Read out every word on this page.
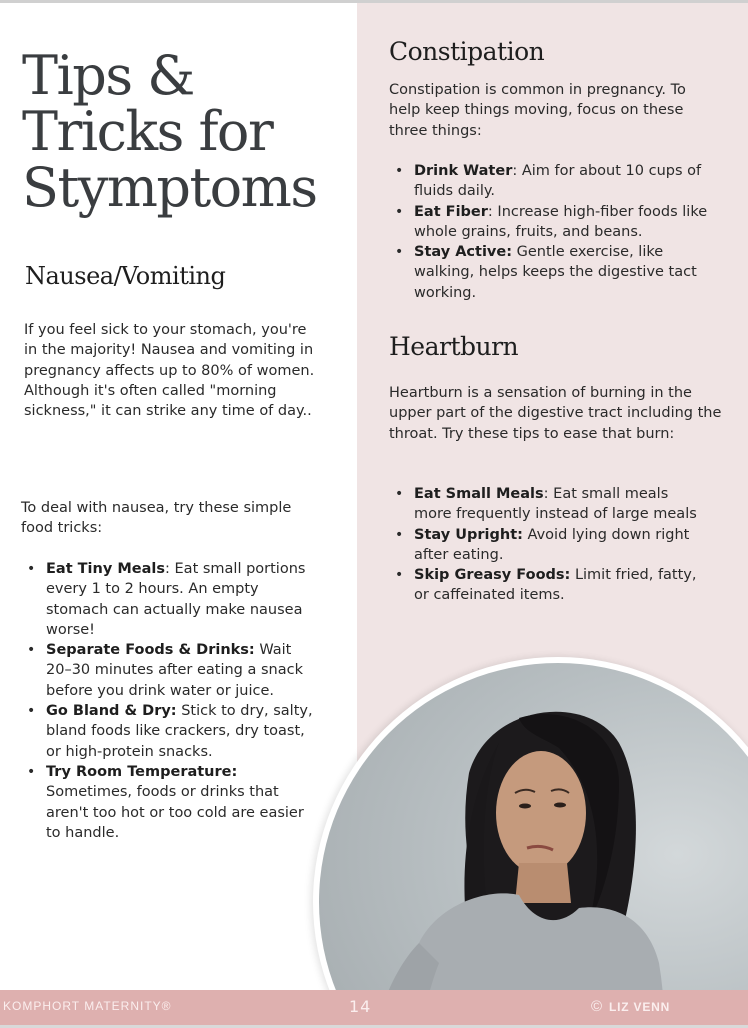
Tips &
Tricks for
Stymptoms
Nausea/Vomiting

If you feel sick to your stomach, you're in the majority! Nausea and vomiting in pregnancy affects up to 80% of women. Although it's often called "morning sickness," it can strike any time of day..

To deal with nausea, try these simple food tricks:

• Eat Tiny Meals: Eat small portions every 1 to 2 hours. An empty stomach can actually make nausea worse!
• Separate Foods & Drinks: Wait 20–30 minutes after eating a snack before you drink water or juice.
• Go Bland & Dry: Stick to dry, salty, bland foods like crackers, dry toast, or high-protein snacks.
• Try Room Temperature: Sometimes, foods or drinks that aren't too hot or too cold are easier to handle.
Constipation

Constipation is common in pregnancy. To help keep things moving, focus on these three things:

• Drink Water: Aim for about 10 cups of fluids daily.
• Eat Fiber: Increase high-fiber foods like whole grains, fruits, and beans.
• Stay Active: Gentle exercise, like walking, helps keeps the digestive tact working.
Heartburn

Heartburn is a sensation of burning in the upper part of the digestive tract including the throat. Try these tips to ease that burn:

• Eat Small Meals: Eat small meals more frequently instead of large meals
• Stay Upright: Avoid lying down right after eating.
• Skip Greasy Foods: Limit fried, fatty, or caffeinated items.
KOMPHORT MATERNITY®	14	© LIZ VENN
